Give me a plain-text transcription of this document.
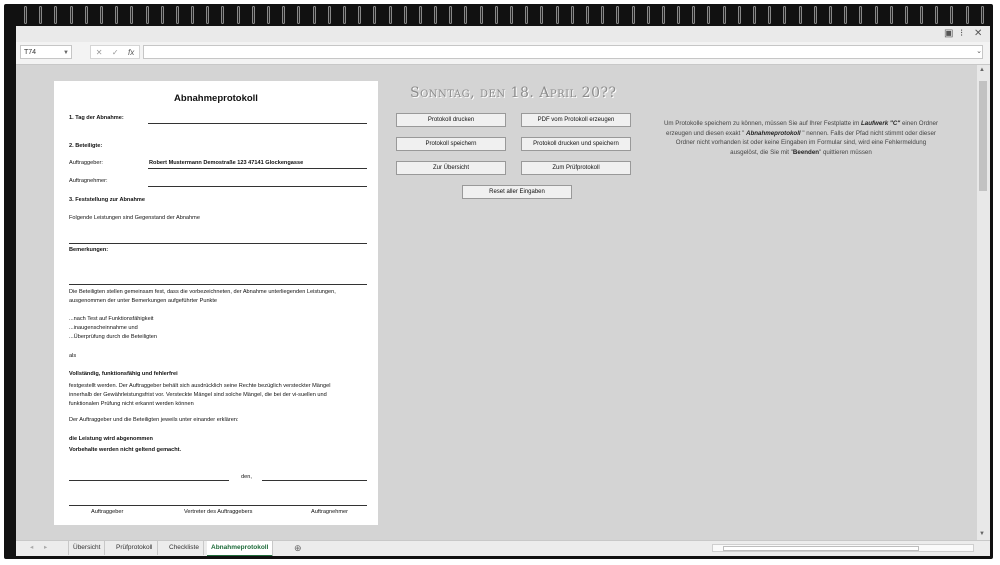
▣ ⁝ ✕
T74	▼	✕ ✓ fx	⌄
Abnahmeprotokoll
1. Tag der Abnahme:
2. Beteiligte:
Auftraggeber:	Robert Mustermann Demostraße 123 47141 Glockengasse
Auftragnehmer:
3. Feststellung zur Abnahme
Folgende Leistungen sind Gegenstand der Abnahme
Bemerkungen:
Die Beteiligten stellen gemeinsam fest, dass die vorbezeichneten, der Abnahme unterliegenden Leistungen,
ausgenommen der unter Bemerkungen aufgeführter Punkte
...nach Test auf Funktionsfähigkeit
...inaugenscheinnahme und
...Überprüfung durch die Beteiligten
als
Vollständig, funktionsfähig und fehlerfrei
festgestellt werden. Der Auftraggeber behält sich ausdrücklich seine Rechte bezüglich versteckter Mängel
innerhalb der Gewährleistungsfrist vor. Versteckte Mängel sind solche Mängel, die bei der vi-suellen und
funktionalen Prüfung nicht erkannt werden können
Der Auftraggeber und die Beteiligten jeweils unter einander erklären:
die Leistung wird abgenommen
Vorbehalte werden nicht geltend gemacht.
den,
Auftraggeber	Vertreter des Auftraggebers	Auftragnehmer
Sonntag, den 18. April 20??
Protokoll drucken	PDF vom Protokoll erzeugen
Protokoll speichern	Protokoll drucken und speichern
Zur Übersicht	Zum Prüfprotokoll
Reset aller Eingaben
Um Protokolle speichern zu können, müssen Sie auf Ihrer Festplatte im Laufwerk "C" einen Ordner erzeugen und diesen exakt " Abnahmeprotokoll " nennen. Falls der Pfad nicht stimmt oder dieser Ordner nicht vorhanden ist oder keine Eingaben im Formular sind, wird eine Fehlermeldung ausgelöst, die Sie mit "Beenden" quittieren müssen
▲
▼
◂	▸	Übersicht	Prüfprotokoll	Checkliste	Abnahmeprotokoll	⊕
